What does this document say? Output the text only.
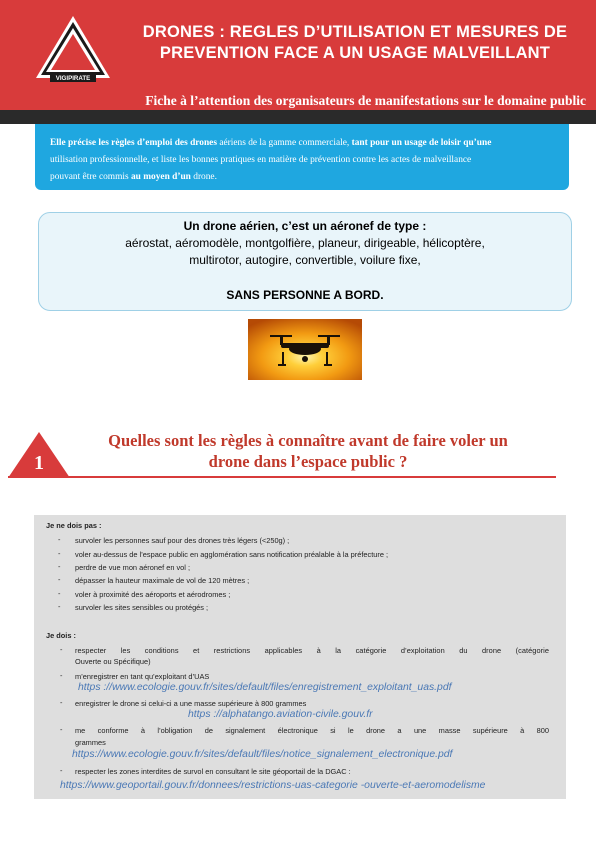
VIGIPIRATE
DRONES : REGLES D’UTILISATION ET MESURES DE
PREVENTION FACE A UN USAGE MALVEILLANT
Fiche à l’attention des organisateurs de manifestations sur le domaine public
Elle précise les règles d’emploi des drones aériens de la gamme commerciale, tant pour un usage de loisir qu’une
utilisation professionnelle, et liste les bonnes pratiques en matière de prévention contre les actes de malveillance
pouvant être commis au moyen d’un drone.
Un drone aérien, c’est un aéronef de type :
aérostat, aéromodèle, montgolfière, planeur, dirigeable, hélicoptère,
multirotor, autogire, convertible, voilure fixe,
SANS PERSONNE A BORD.
1
Quelles sont les règles à connaître avant de faire voler un
drone dans l’espace public ?
Je ne dois pas :
- survoler les personnes sauf pour des drones très légers (<250g) ;
- voler au-dessus de l’espace public en agglomération sans notification préalable à la préfecture ;
- perdre de vue mon aéronef en vol ;
- dépasser la hauteur maximale de vol de 120 mètres ;
- voler à proximité des aéroports et aérodromes ;
- survoler les sites sensibles ou protégés ;
Je dois :
- respecter les conditions et restrictions applicables à la catégorie d’exploitation du drone (catégorie
Ouverte ou Spécifique)
- m’enregistrer en tant qu’exploitant d’UAS
https ://www.ecologie.gouv.fr/sites/default/files/enregistrement_exploitant_uas.pdf
- enregistrer le drone si celui-ci a une masse supérieure à 800 grammes
https ://alphatango.aviation-civile.gouv.fr
- me conforme à l’obligation de signalement électronique si le drone a une masse supérieure à 800
grammes
https://www.ecologie.gouv.fr/sites/default/files/notice_signalement_electronique.pdf
- respecter les zones interdites de survol en consultant le site géoportail de la DGAC :
https://www.geoportail.gouv.fr/donnees/restrictions-uas-categorie -ouverte-et-aeromodelisme
